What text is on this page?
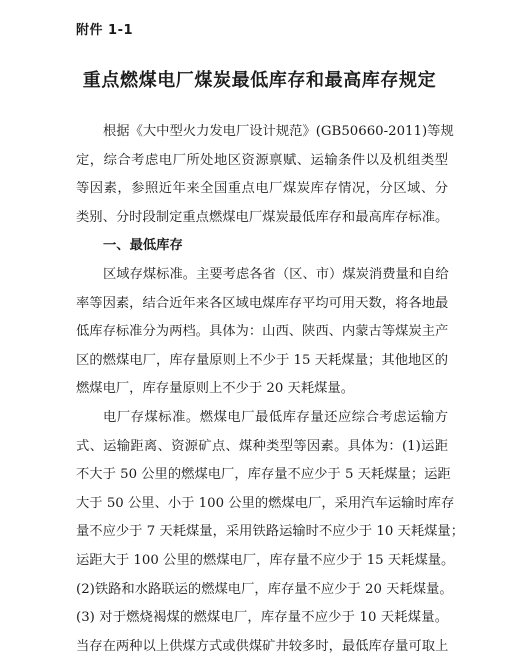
附件 1-1
重点燃煤电厂煤炭最低库存和最高库存规定
根据《大中型火力发电厂设计规范》(GB50660-2011)等规
定，综合考虑电厂所处地区资源禀赋、运输条件以及机组类型
等因素，参照近年来全国重点电厂煤炭库存情况，分区域、分
类别、分时段制定重点燃煤电厂煤炭最低库存和最高库存标准。
一、最低库存
区域存煤标准。主要考虑各省（区、市）煤炭消费量和自给
率等因素，结合近年来各区域电煤库存平均可用天数，将各地最
低库存标准分为两档。具体为：山西、陕西、内蒙古等煤炭主产
区的燃煤电厂，库存量原则上不少于 15 天耗煤量；其他地区的
燃煤电厂，库存量原则上不少于 20 天耗煤量。
电厂存煤标准。燃煤电厂最低库存量还应综合考虑运输方
式、运输距离、资源矿点、煤种类型等因素。具体为：(1)运距
不大于 50 公里的燃煤电厂，库存量不应少于 5 天耗煤量；运距
大于 50 公里、小于 100 公里的燃煤电厂，采用汽车运输时库存
量不应少于 7 天耗煤量，采用铁路运输时不应少于 10 天耗煤量；
运距大于 100 公里的燃煤电厂，库存量不应少于 15 天耗煤量。
(2)铁路和水路联运的燃煤电厂，库存量不应少于 20 天耗煤量。
(3) 对于燃烧褐煤的燃煤电厂，库存量不应少于 10 天耗煤量。
当存在两种以上供煤方式或供煤矿井较多时，最低库存量可取上
